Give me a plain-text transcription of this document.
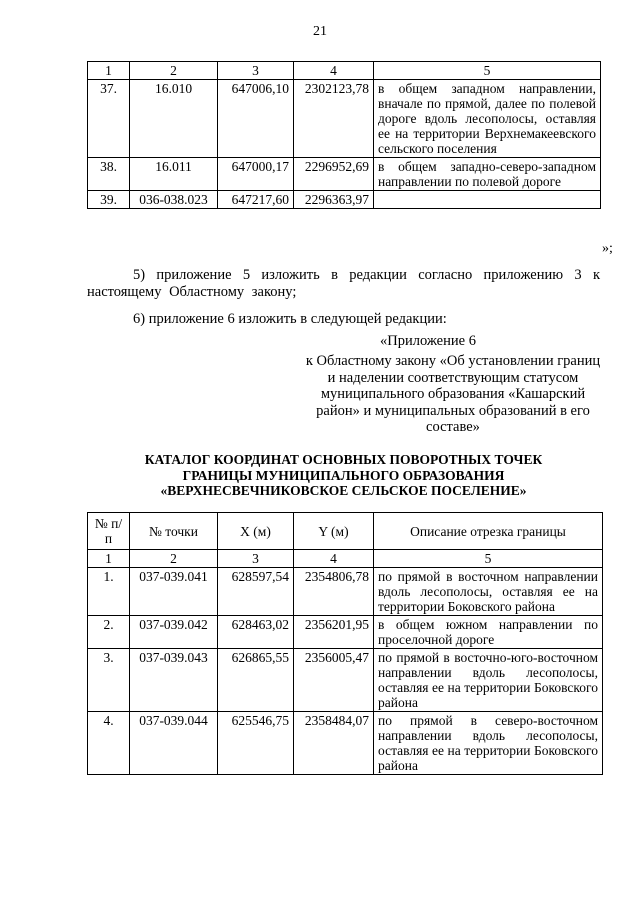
21
1	2	3	4	5
37.	16.010	647006,10	2302123,78	в общем западном направлении, вначале по прямой, далее по полевой дороге вдоль лесополосы, оставляя ее на территории Верхнемакеевского сельского поселения
38.	16.011	647000,17	2296952,69	в общем западно-северо-западном направлении по полевой дороге
39.	036-038.023	647217,60	2296363,97	
»;
5) приложение 5 изложить в редакции согласно приложению 3 к настоящему Областному закону;
6) приложение 6 изложить в следующей редакции:
«Приложение 6
к Областному закону «Об установлении границ и наделении соответствующим статусом муниципального образования «Кашарский район» и муниципальных образований в его составе»
КАТАЛОГ КООРДИНАТ ОСНОВНЫХ ПОВОРОТНЫХ ТОЧЕК
ГРАНИЦЫ МУНИЦИПАЛЬНОГО ОБРАЗОВАНИЯ
«ВЕРХНЕСВЕЧНИКОВСКОЕ СЕЛЬСКОЕ ПОСЕЛЕНИЕ»
№ п/п	№ точки	X (м)	Y (м)	Описание отрезка границы
1	2	3	4	5
1.	037-039.041	628597,54	2354806,78	по прямой в восточном направлении вдоль лесополосы, оставляя ее на территории Боковского района
2.	037-039.042	628463,02	2356201,95	в общем южном направлении по проселочной дороге
3.	037-039.043	626865,55	2356005,47	по прямой в восточно-юго-восточном направлении вдоль лесополосы, оставляя ее на территории Боковского района
4.	037-039.044	625546,75	2358484,07	по прямой в северо-восточном направлении вдоль лесополосы, оставляя ее на территории Боковского района
